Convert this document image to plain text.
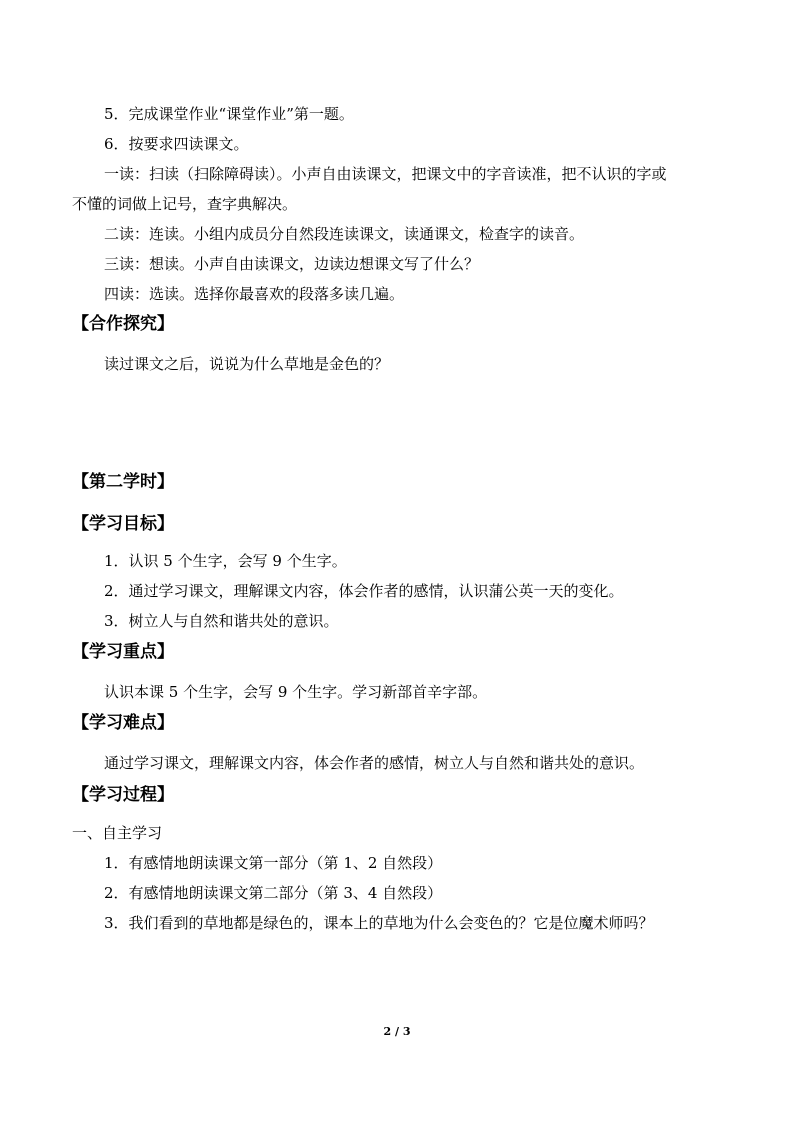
5．完成课堂作业“课堂作业”第一题。
6．按要求四读课文。
一读：扫读（扫除障碍读）。小声自由读课文，把课文中的字音读准，把不认识的字或
不懂的词做上记号，查字典解决。
二读：连读。小组内成员分自然段连读课文，读通课文，检查字的读音。
三读：想读。小声自由读课文，边读边想课文写了什么？
四读：选读。选择你最喜欢的段落多读几遍。
【合作探究】
读过课文之后，说说为什么草地是金色的？
【第二学时】
【学习目标】
1．认识 5 个生字，会写 9 个生字。
2．通过学习课文，理解课文内容，体会作者的感情，认识蒲公英一天的变化。
3．树立人与自然和谐共处的意识。
【学习重点】
认识本课 5 个生字，会写 9 个生字。学习新部首辛字部。
【学习难点】
通过学习课文，理解课文内容，体会作者的感情，树立人与自然和谐共处的意识。
【学习过程】
一、自主学习
1．有感情地朗读课文第一部分（第 1、2 自然段）
2．有感情地朗读课文第二部分（第 3、4 自然段）
3．我们看到的草地都是绿色的，课本上的草地为什么会变色的？它是位魔术师吗？
2 / 3
